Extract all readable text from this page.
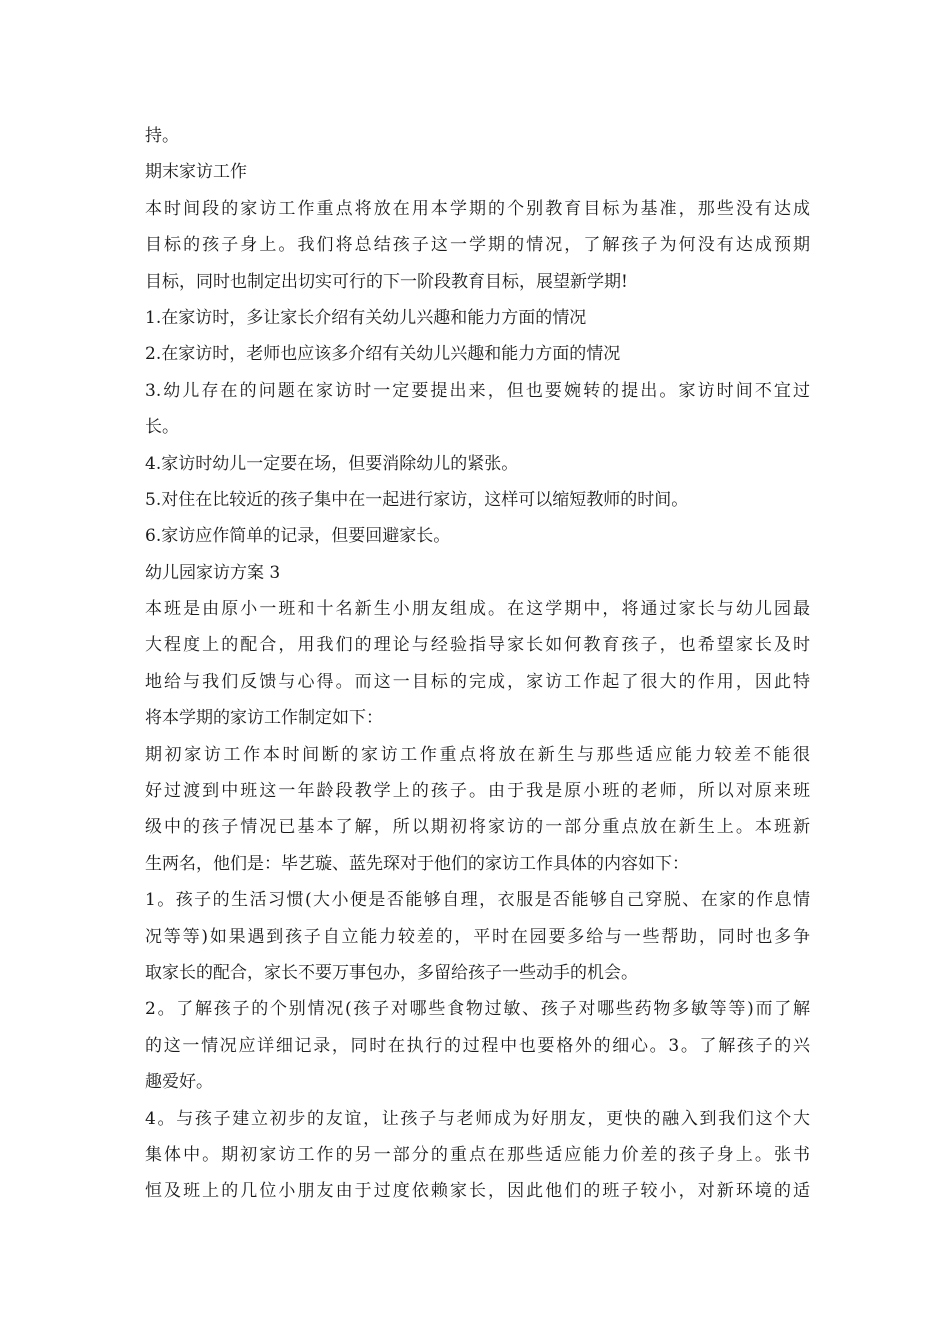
持。
期末家访工作
本时间段的家访工作重点将放在用本学期的个别教育目标为基准，那些没有达成
目标的孩子身上。我们将总结孩子这一学期的情况，了解孩子为何没有达成预期
目标，同时也制定出切实可行的下一阶段教育目标，展望新学期!
1.在家访时，多让家长介绍有关幼儿兴趣和能力方面的情况
2.在家访时，老师也应该多介绍有关幼儿兴趣和能力方面的情况
3.幼儿存在的问题在家访时一定要提出来，但也要婉转的提出。家访时间不宜过
长。
4.家访时幼儿一定要在场，但要消除幼儿的紧张。
5.对住在比较近的孩子集中在一起进行家访，这样可以缩短教师的时间。
6.家访应作简单的记录，但要回避家长。
幼儿园家访方案 3
本班是由原小一班和十名新生小朋友组成。在这学期中，将通过家长与幼儿园最
大程度上的配合，用我们的理论与经验指导家长如何教育孩子，也希望家长及时
地给与我们反馈与心得。而这一目标的完成，家访工作起了很大的作用，因此特
将本学期的家访工作制定如下：
期初家访工作本时间断的家访工作重点将放在新生与那些适应能力较差不能很
好过渡到中班这一年龄段教学上的孩子。由于我是原小班的老师，所以对原来班
级中的孩子情况已基本了解，所以期初将家访的一部分重点放在新生上。本班新
生两名，他们是：毕艺璇、蓝先琛对于他们的家访工作具体的内容如下：
1。孩子的生活习惯(大小便是否能够自理，衣服是否能够自己穿脱、在家的作息情
况等等)如果遇到孩子自立能力较差的，平时在园要多给与一些帮助，同时也多争
取家长的配合，家长不要万事包办，多留给孩子一些动手的机会。
2。了解孩子的个别情况(孩子对哪些食物过敏、孩子对哪些药物多敏等等)而了解
的这一情况应详细记录，同时在执行的过程中也要格外的细心。3。了解孩子的兴
趣爱好。
4。与孩子建立初步的友谊，让孩子与老师成为好朋友，更快的融入到我们这个大
集体中。期初家访工作的另一部分的重点在那些适应能力价差的孩子身上。张书
恒及班上的几位小朋友由于过度依赖家长，因此他们的班子较小，对新环境的适
